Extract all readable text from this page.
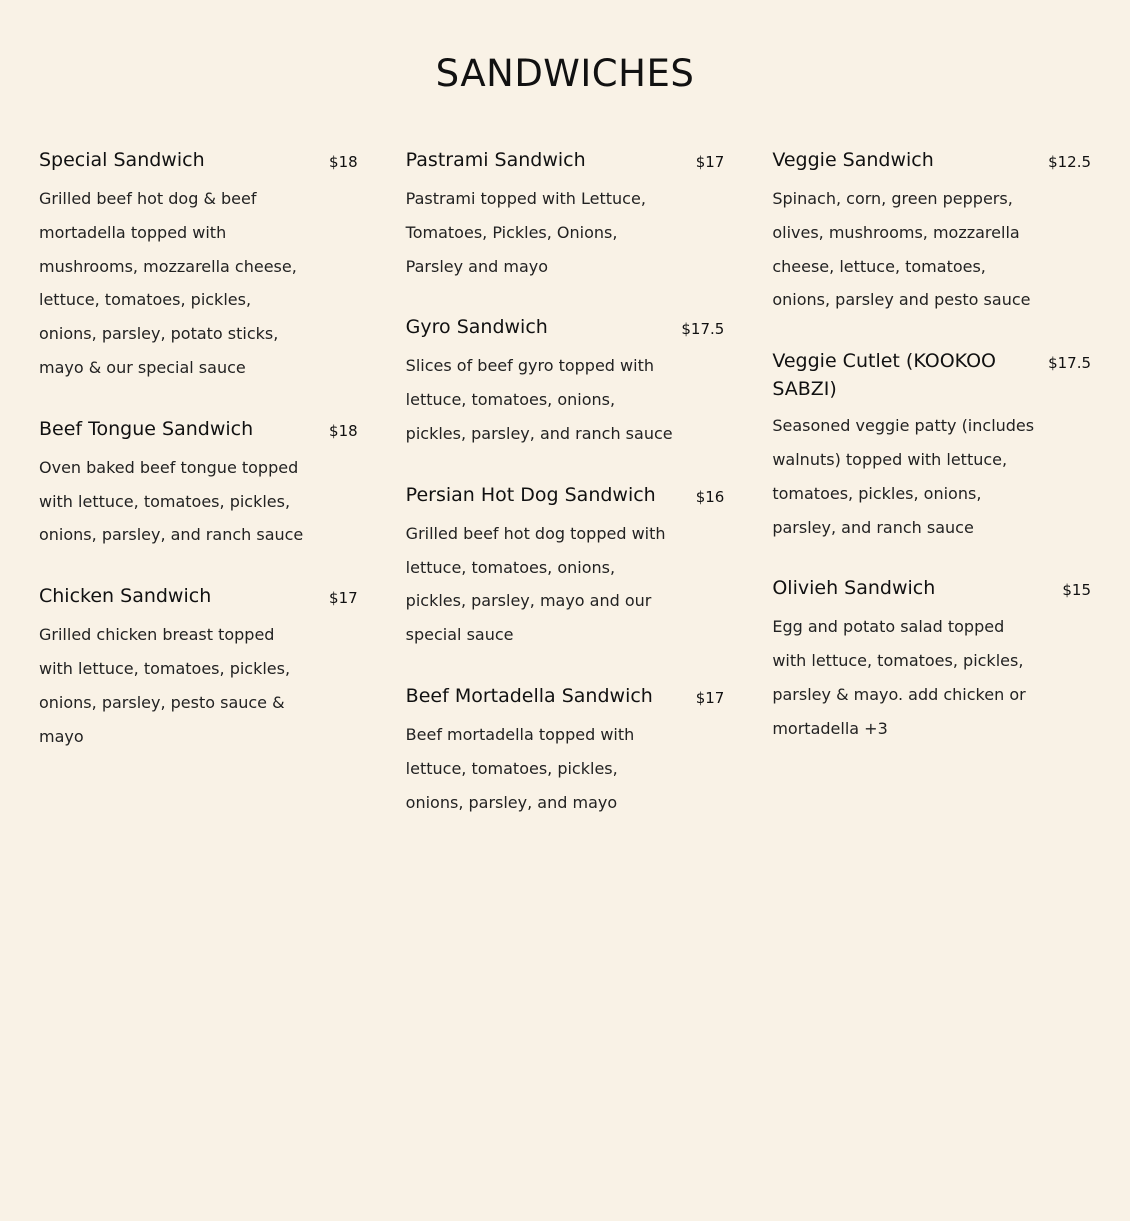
SANDWICHES
Special Sandwich	$18
Grilled beef hot dog & beef mortadella topped with mushrooms, mozzarella cheese, lettuce, tomatoes, pickles, onions, parsley, potato sticks, mayo & our special sauce
Beef Tongue Sandwich	$18
Oven baked beef tongue topped with lettuce, tomatoes, pickles, onions, parsley, and ranch sauce
Chicken Sandwich	$17
Grilled chicken breast topped with lettuce, tomatoes, pickles, onions, parsley, pesto sauce & mayo
Pastrami Sandwich	$17
Pastrami topped with Lettuce, Tomatoes, Pickles, Onions, Parsley and mayo
Gyro Sandwich	$17.5
Slices of beef gyro topped with lettuce, tomatoes, onions, pickles, parsley, and ranch sauce
Persian Hot Dog Sandwich	$16
Grilled beef hot dog topped with lettuce, tomatoes, onions, pickles, parsley, mayo and our special sauce
Beef Mortadella Sandwich	$17
Beef mortadella topped with lettuce, tomatoes, pickles, onions, parsley, and mayo
Veggie Sandwich	$12.5
Spinach, corn, green peppers, olives, mushrooms, mozzarella cheese, lettuce, tomatoes, onions, parsley and pesto sauce
Veggie Cutlet (KOOKOO SABZI)
$17.5
Seasoned veggie patty (includes walnuts) topped with lettuce, tomatoes, pickles, onions, parsley, and ranch sauce
Olivieh Sandwich	$15
Egg and potato salad topped with lettuce, tomatoes, pickles, parsley & mayo. add chicken or mortadella +3
